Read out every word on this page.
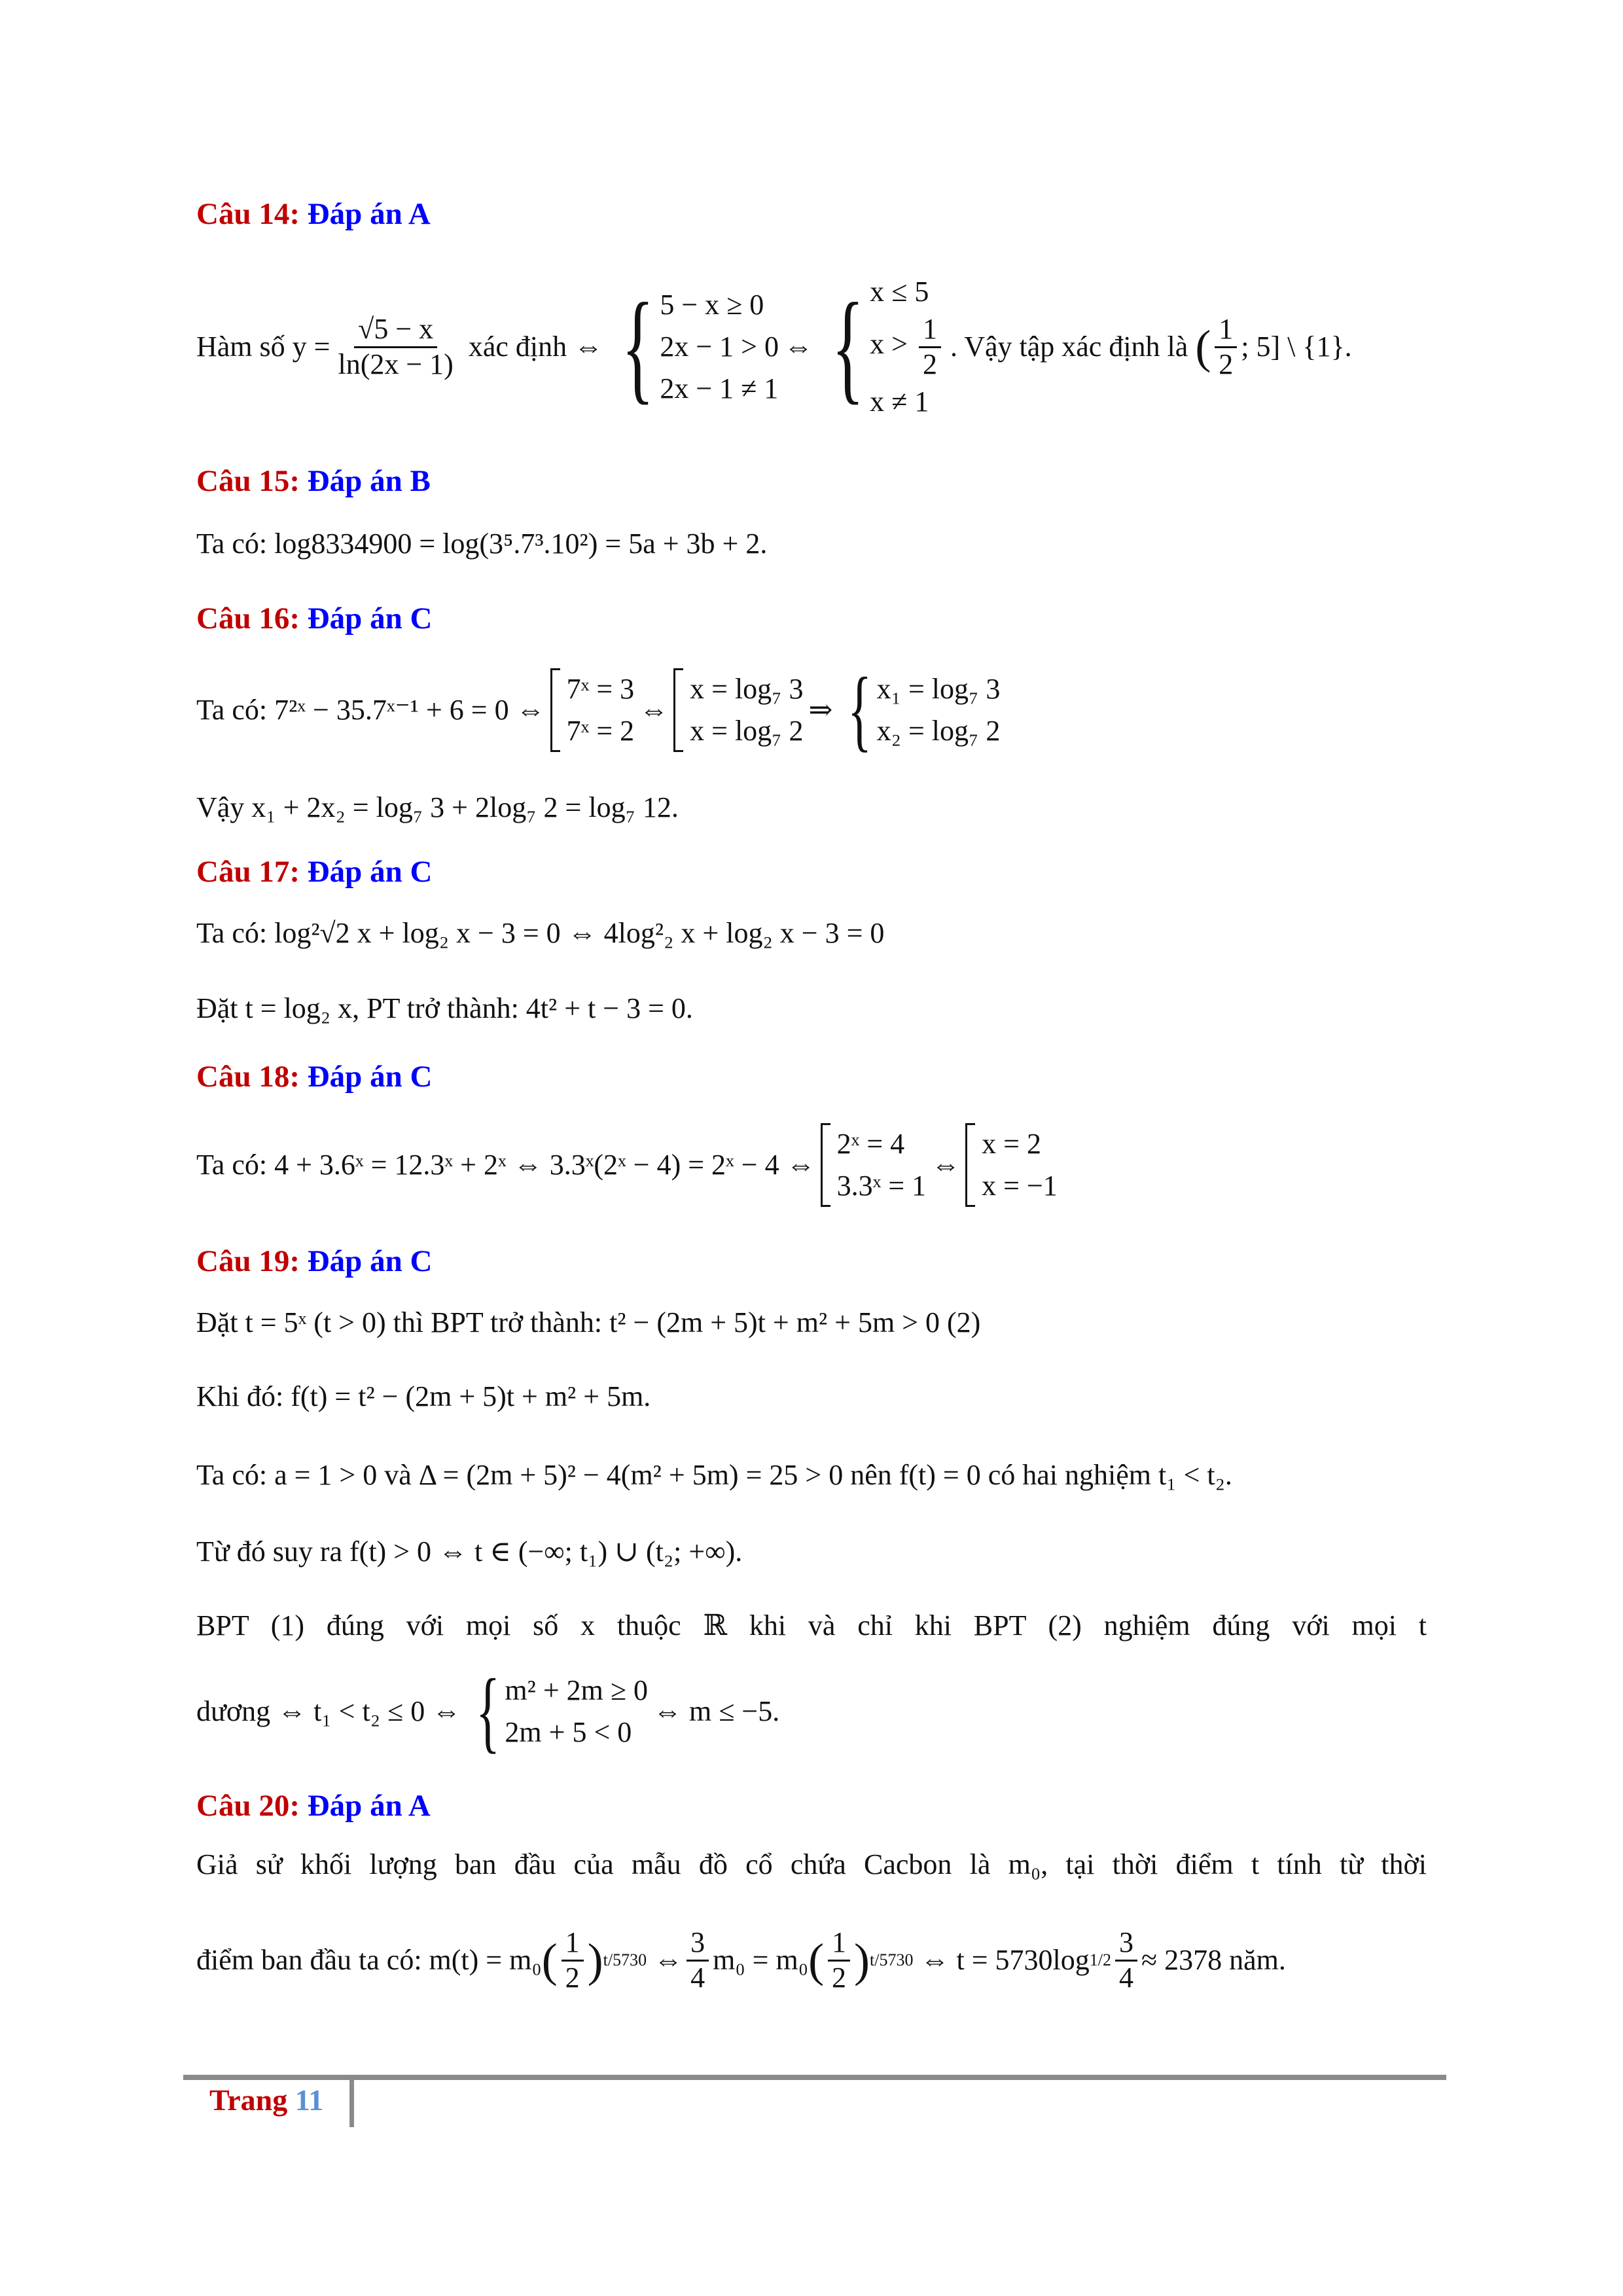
Câu 14: Đáp án A
Hàm số
$y = \frac{√5 - x}{\ln(2x - 1)}$
xác định
⇔ { 5 − x ≥ 0
2x − 1 > 0
2x − 1 ≠ 1
⇔ { x ≤ 5
$x > \frac{1}{2}$
x ≠ 1
. Vậy tập xác định là
( $\frac{1}{2}$ ; 5] \ {1}.
Câu 15: Đáp án B
Ta có: log8334900 = log(3⁵.7³.10²) = 5a + 3b + 2.
Câu 16: Đáp án C
Ta có:
7²ˣ − 35.7ˣ⁻¹ + 6 = 0 ⇔
7ˣ = 3
7ˣ = 2
⇔
x = log₇ 3
x = log₇ 2
⇒ { x₁ = log₇ 3
x₂ = log₇ 2
Vậy x₁ + 2x₂ = log₇ 3 + 2log₇ 2 = log₇ 12.
Câu 17: Đáp án C
Ta có: log²√2 x + log₂ x − 3 = 0 ⇔ 4log²₂ x + log₂ x − 3 = 0
Đặt t = log₂ x, PT trở thành: 4t² + t − 3 = 0.
Câu 18: Đáp án C
Ta có: 4 + 3.6ˣ = 12.3ˣ + 2ˣ ⇔ 3.3ˣ(2ˣ − 4) = 2ˣ − 4 ⇔
2ˣ = 4
3.3ˣ = 1
⇔
x = 2
x = −1
Câu 19: Đáp án C
Đặt t = 5ˣ (t > 0) thì BPT trở thành: t² − (2m + 5)t + m² + 5m > 0 (2)
Khi đó: f(t) = t² − (2m + 5)t + m² + 5m.
Ta có: a = 1 > 0 và Δ = (2m + 5)² − 4(m² + 5m) = 25 > 0 nên f(t) = 0 có hai nghiệm t₁ < t₂.
Từ đó suy ra f(t) > 0 ⇔ t ∈ (−∞; t₁) ∪ (t₂; +∞).
BPT (1) đúng với mọi số x thuộc ℝ khi và chỉ khi BPT (2) nghiệm đúng với mọi t
dương ⇔ t₁ < t₂ ≤ 0 ⇔ { m² + 2m ≥ 0
2m + 5 < 0
⇔ m ≤ −5.
Câu 20: Đáp án A
Giả sử khối lượng ban đầu của mẫu đồ cổ chứa Cacbon là m₀, tại thời điểm t tính từ thời
điểm ban đầu ta có: m(t) = m₀ ( $\frac{1}{2}$ ) t/5730
⇔ $\frac{3}{4} m_0 = m_0$ ( $\frac{1}{2}$ ) t/5730
⇔ t = 5730log $1/2 \frac{3}{4} \approx 2378$ năm.
Trang 11
